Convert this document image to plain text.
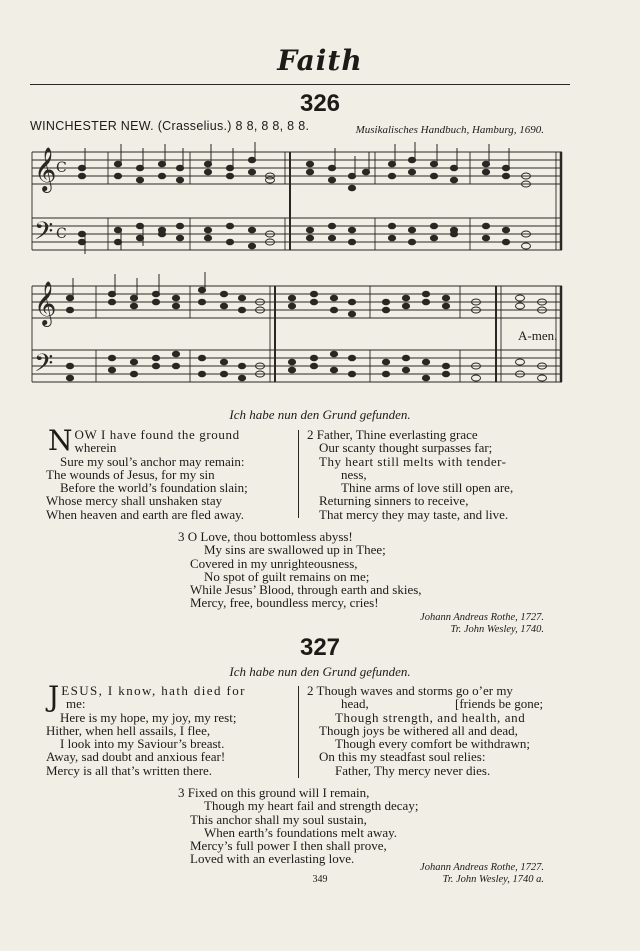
Faith
326
WINCHESTER NEW. (Crasselius.) 8 8, 8 8, 8 8.	Musikalisches Handbuch, Hamburg, 1690.
𝄞
𝄢
C
C
𝄞
𝄢
A-men.
Ich habe nun den Grund gefunden.
NOW I have found the ground
wherein
Sure my soul’s anchor may remain:
The wounds of Jesus, for my sin
Before the world’s foundation slain;
Whose mercy shall unshaken stay
When heaven and earth are fled away.
2 Father, Thine everlasting grace
Our scanty thought surpasses far;
Thy heart still melts with tender-
ness,
Thine arms of love still open are,
Returning sinners to receive,
That mercy they may taste, and live.
3 O Love, thou bottomless abyss!
My sins are swallowed up in Thee;
Covered in my unrighteousness,
No spot of guilt remains on me;
While Jesus’ Blood, through earth and skies,
Mercy, free, boundless mercy, cries!
Johann Andreas Rothe, 1727.
Tr. John Wesley, 1740.
327
Ich habe nun den Grund gefunden.
JESUS, I know, hath died for
me:
Here is my hope, my joy, my rest;
Hither, when hell assails, I flee,
I look into my Saviour’s breast.
Away, sad doubt and anxious fear!
Mercy is all that’s written there.
2 Though waves and storms go o’er my
head,	[friends be gone;
Though strength, and health, and
Though joys be withered all and dead,
Though every comfort be withdrawn;
On this my steadfast soul relies:
Father, Thy mercy never dies.
3 Fixed on this ground will I remain,
Though my heart fail and strength decay;
This anchor shall my soul sustain,
When earth’s foundations melt away.
Mercy’s full power I then shall prove,
Loved with an everlasting love.
Johann Andreas Rothe, 1727.
Tr. John Wesley, 1740 a.
349
